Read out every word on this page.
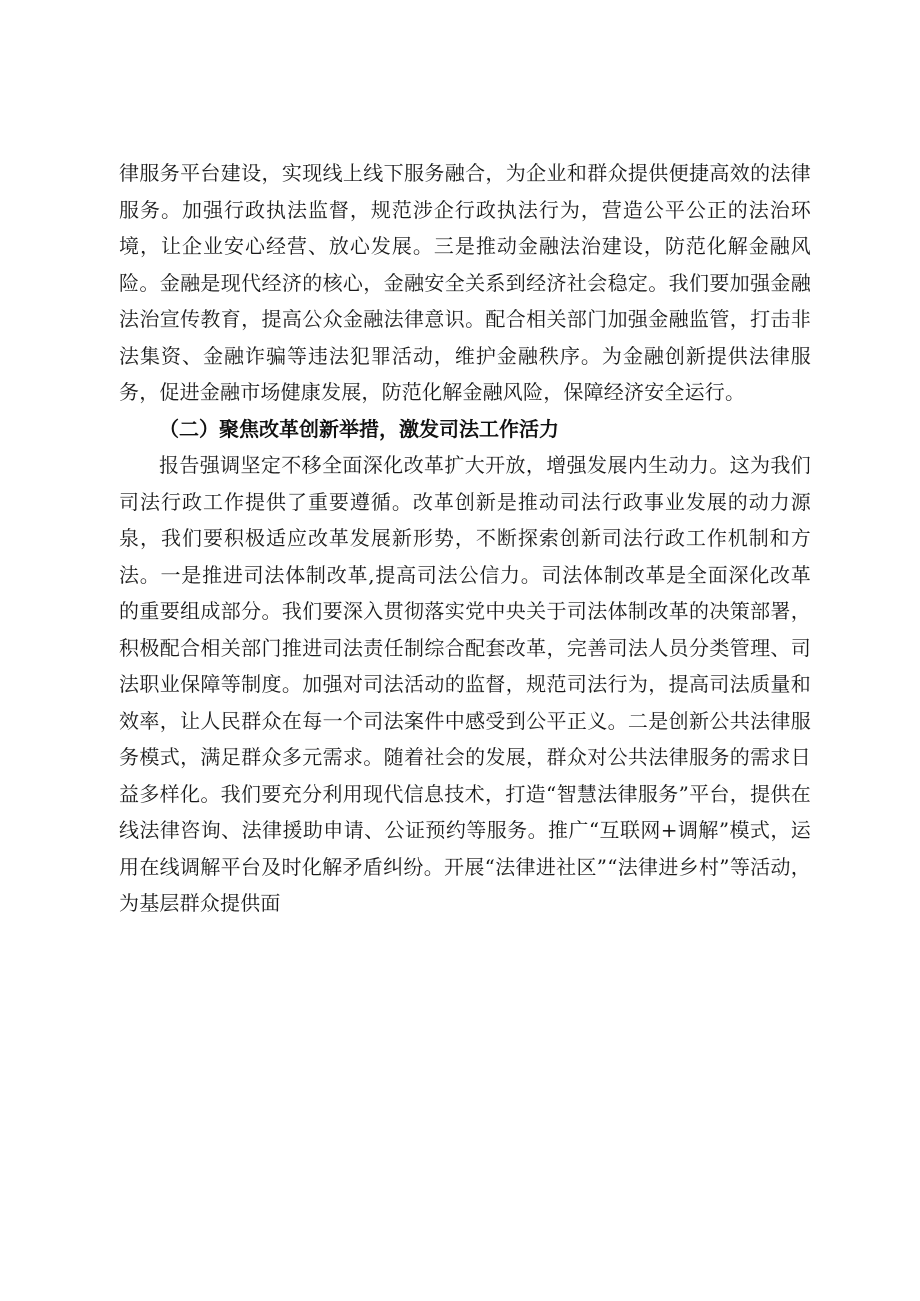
律服务平台建设，实现线上线下服务融合，为企业和群众提供便捷高效的法律服务。加强行政执法监督，规范涉企行政执法行为，营造公平公正的法治环境，让企业安心经营、放心发展。三是推动金融法治建设，防范化解金融风险。金融是现代经济的核心，金融安全关系到经济社会稳定。我们要加强金融法治宣传教育，提高公众金融法律意识。配合相关部门加强金融监管，打击非法集资、金融诈骗等违法犯罪活动，维护金融秩序。为金融创新提供法律服务，促进金融市场健康发展，防范化解金融风险，保障经济安全运行。

（二）聚焦改革创新举措，激发司法工作活力

报告强调坚定不移全面深化改革扩大开放，增强发展内生动力。这为我们司法行政工作提供了重要遵循。改革创新是推动司法行政事业发展的动力源泉，我们要积极适应改革发展新形势，不断探索创新司法行政工作机制和方法。一是推进司法体制改革,提高司法公信力。司法体制改革是全面深化改革的重要组成部分。我们要深入贯彻落实党中央关于司法体制改革的决策部署，积极配合相关部门推进司法责任制综合配套改革，完善司法人员分类管理、司法职业保障等制度。加强对司法活动的监督，规范司法行为，提高司法质量和效率，让人民群众在每一个司法案件中感受到公平正义。二是创新公共法律服务模式，满足群众多元需求。随着社会的发展，群众对公共法律服务的需求日益多样化。我们要充分利用现代信息技术，打造“智慧法律服务”平台，提供在线法律咨询、法律援助申请、公证预约等服务。推广“互联网+调解”模式，运用在线调解平台及时化解矛盾纠纷。开展“法律进社区”“法律进乡村”等活动，为基层群众提供面
